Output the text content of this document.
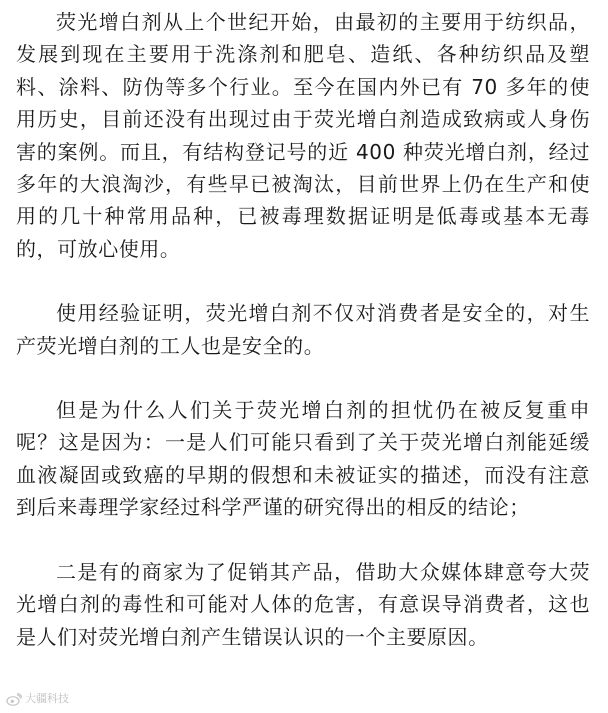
荧光增白剂从上个世纪开始，由最初的主要用于纺织品，发展到现在主要用于洗涤剂和肥皂、造纸、各种纺织品及塑料、涂料、防伪等多个行业。至今在国内外已有 70 多年的使用历史，目前还没有出现过由于荧光增白剂造成致病或人身伤害的案例。而且，有结构登记号的近 400 种荧光增白剂，经过多年的大浪淘沙，有些早已被淘汰，目前世界上仍在生产和使用的几十种常用品种，已被毒理数据证明是低毒或基本无毒的，可放心使用。

使用经验证明，荧光增白剂不仅对消费者是安全的，对生产荧光增白剂的工人也是安全的。

但是为什么人们关于荧光增白剂的担忧仍在被反复重申呢？这是因为：一是人们可能只看到了关于荧光增白剂能延缓血液凝固或致癌的早期的假想和未被证实的描述，而没有注意到后来毒理学家经过科学严谨的研究得出的相反的结论；

二是有的商家为了促销其产品，借助大众媒体肆意夸大荧光增白剂的毒性和可能对人体的危害，有意误导消费者，这也是人们对荧光增白剂产生错误认识的一个主要原因。

大疆科技
